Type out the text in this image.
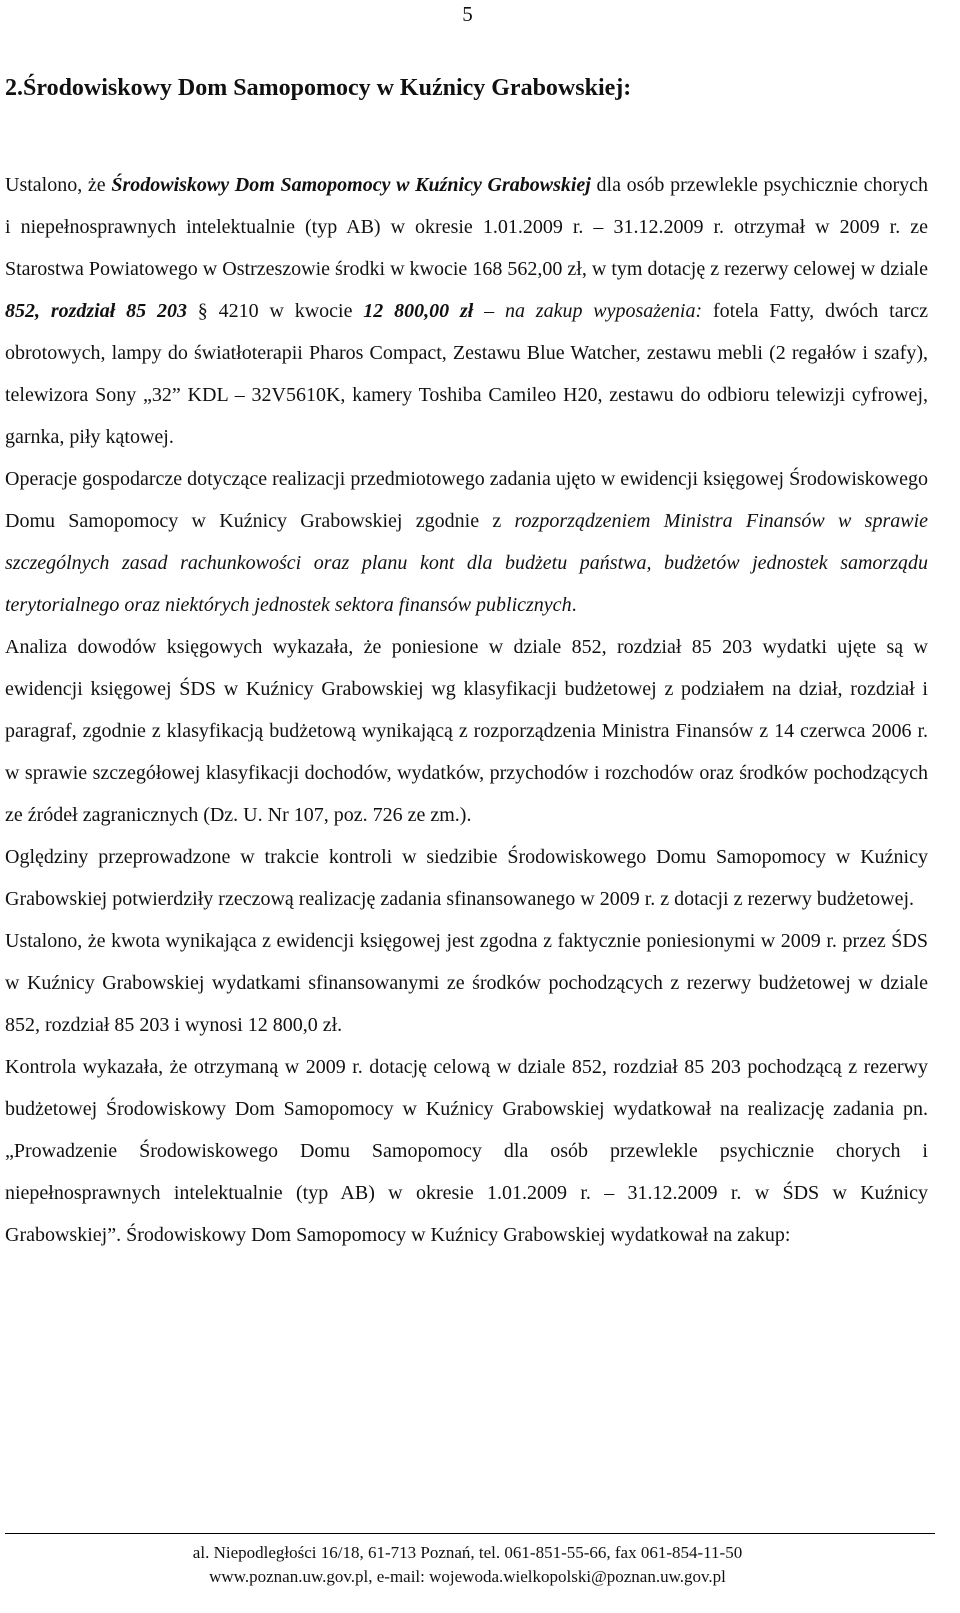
5
2.Środowiskowy Dom Samopomocy w Kuźnicy Grabowskiej:

Ustalono, że Środowiskowy Dom Samopomocy w Kuźnicy Grabowskiej dla osób przewlekle psychicznie chorych i niepełnosprawnych intelektualnie (typ AB) w okresie 1.01.2009 r. – 31.12.2009 r. otrzymał w 2009 r. ze Starostwa Powiatowego w Ostrzeszowie środki w kwocie 168 562,00 zł, w tym dotację z rezerwy celowej w dziale 852, rozdział 85 203 § 4210 w kwocie 12 800,00 zł – na zakup wyposażenia: fotela Fatty, dwóch tarcz obrotowych, lampy do światłoterapii Pharos Compact, Zestawu Blue Watcher, zestawu mebli (2 regałów i szafy), telewizora Sony „32” KDL – 32V5610K, kamery Toshiba Camileo H20, zestawu do odbioru telewizji cyfrowej, garnka, piły kątowej.

Operacje gospodarcze dotyczące realizacji przedmiotowego zadania ujęto w ewidencji księgowej Środowiskowego Domu Samopomocy w Kuźnicy Grabowskiej zgodnie z rozporządzeniem Ministra Finansów w sprawie szczególnych zasad rachunkowości oraz planu kont dla budżetu państwa, budżetów jednostek samorządu terytorialnego oraz niektórych jednostek sektora finansów publicznych.

Analiza dowodów księgowych wykazała, że poniesione w dziale 852, rozdział 85 203 wydatki ujęte są w ewidencji księgowej ŚDS w Kuźnicy Grabowskiej wg klasyfikacji budżetowej z podziałem na dział, rozdział i paragraf, zgodnie z klasyfikacją budżetową wynikającą z rozporządzenia Ministra Finansów z 14 czerwca 2006 r. w sprawie szczegółowej klasyfikacji dochodów, wydatków, przychodów i rozchodów oraz środków pochodzących ze źródeł zagranicznych (Dz. U. Nr 107, poz. 726 ze zm.).

Oględziny przeprowadzone w trakcie kontroli w siedzibie Środowiskowego Domu Samopomocy w Kuźnicy Grabowskiej potwierdziły rzeczową realizację zadania sfinansowanego w 2009 r. z dotacji z rezerwy budżetowej.

Ustalono, że kwota wynikająca z ewidencji księgowej jest zgodna z faktycznie poniesionymi w 2009 r. przez ŚDS w Kuźnicy Grabowskiej wydatkami sfinansowanymi ze środków pochodzących z rezerwy budżetowej w dziale 852, rozdział 85 203 i wynosi 12 800,0 zł.

Kontrola wykazała, że otrzymaną w 2009 r. dotację celową w dziale 852, rozdział 85 203 pochodzącą z rezerwy budżetowej Środowiskowy Dom Samopomocy w Kuźnicy Grabowskiej wydatkował na realizację zadania pn. „Prowadzenie Środowiskowego Domu Samopomocy dla osób przewlekle psychicznie chorych i niepełnosprawnych intelektualnie (typ AB) w okresie 1.01.2009 r. – 31.12.2009 r. w ŚDS w Kuźnicy Grabowskiej”. Środowiskowy Dom Samopomocy w Kuźnicy Grabowskiej wydatkował na zakup:

al. Niepodległości 16/18, 61-713 Poznań, tel. 061-851-55-66, fax 061-854-11-50
www.poznan.uw.gov.pl, e-mail: wojewoda.wielkopolski@poznan.uw.gov.pl
